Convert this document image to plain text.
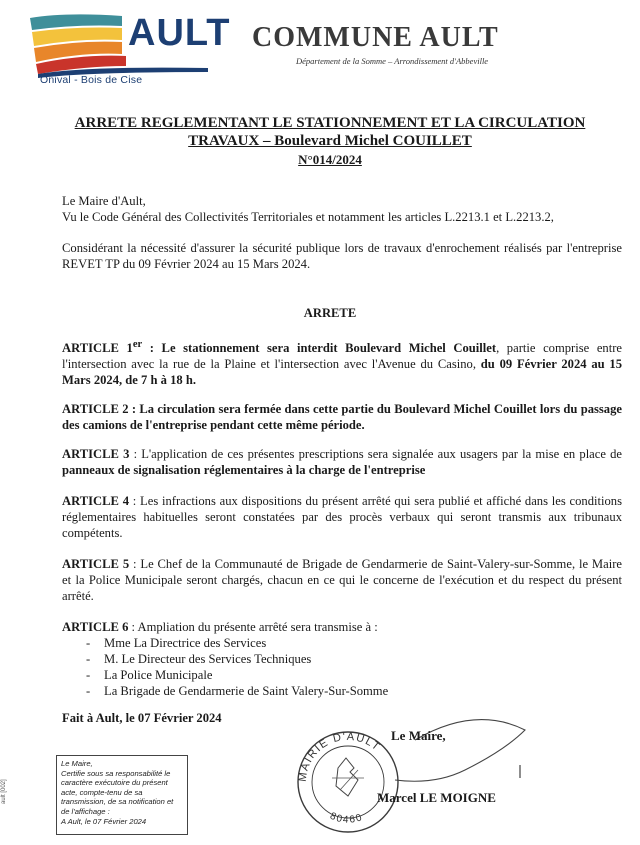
AULT
Onival - Bois de Cise
COMMUNE AULT
Département de la Somme – Arrondissement d'Abbeville
ARRETE REGLEMENTANT LE STATIONNEMENT ET LA CIRCULATION
TRAVAUX – Boulevard Michel COUILLET
N°014/2024
Le Maire d'Ault,
Vu le Code Général des Collectivités Territoriales et notamment les articles L.2213.1 et L.2213.2,
Considérant la nécessité d'assurer la sécurité publique lors de travaux d'enrochement réalisés par l'entreprise REVET TP du 09 Février 2024 au 15 Mars 2024.
ARRETE
ARTICLE 1er : Le stationnement sera interdit Boulevard Michel Couillet, partie comprise entre l'intersection avec la rue de la Plaine et l'intersection avec l'Avenue du Casino, du 09 Février 2024 au 15 Mars 2024, de 7 h à 18 h.
ARTICLE 2 : La circulation sera fermée dans cette partie du Boulevard Michel Couillet lors du passage des camions de l'entreprise pendant cette même période.
ARTICLE 3 : L'application de ces présentes prescriptions sera signalée aux usagers par la mise en place de panneaux de signalisation réglementaires à la charge de l'entreprise
ARTICLE 4 : Les infractions aux dispositions du présent arrêté qui sera publié et affiché dans les conditions réglementaires habituelles seront constatées par des procès verbaux qui seront transmis aux tribunaux compétents.
ARTICLE 5 : Le Chef de la Communauté de Brigade de Gendarmerie de Saint-Valery-sur-Somme, le Maire et la Police Municipale seront chargés, chacun en ce qui le concerne de l'exécution et du respect du présent arrêté.
ARTICLE 6 : Ampliation du présente arrêté sera transmise à :
- Mme La Directrice des Services
- M. Le Directeur des Services Techniques
- La Police Municipale
- La Brigade de Gendarmerie de Saint Valery-Sur-Somme
Fait à Ault, le 07 Février 2024
Le Maire,
MAIRIE D'AULT
80460
Marcel LE MOIGNE
Le Maire,
Certifie sous sa responsabilité le caractère exécutoire du présent acte, compte-tenu de sa transmission, de sa notification et de l'affichage :
A Ault, le 07 Février 2024
ault [002]
